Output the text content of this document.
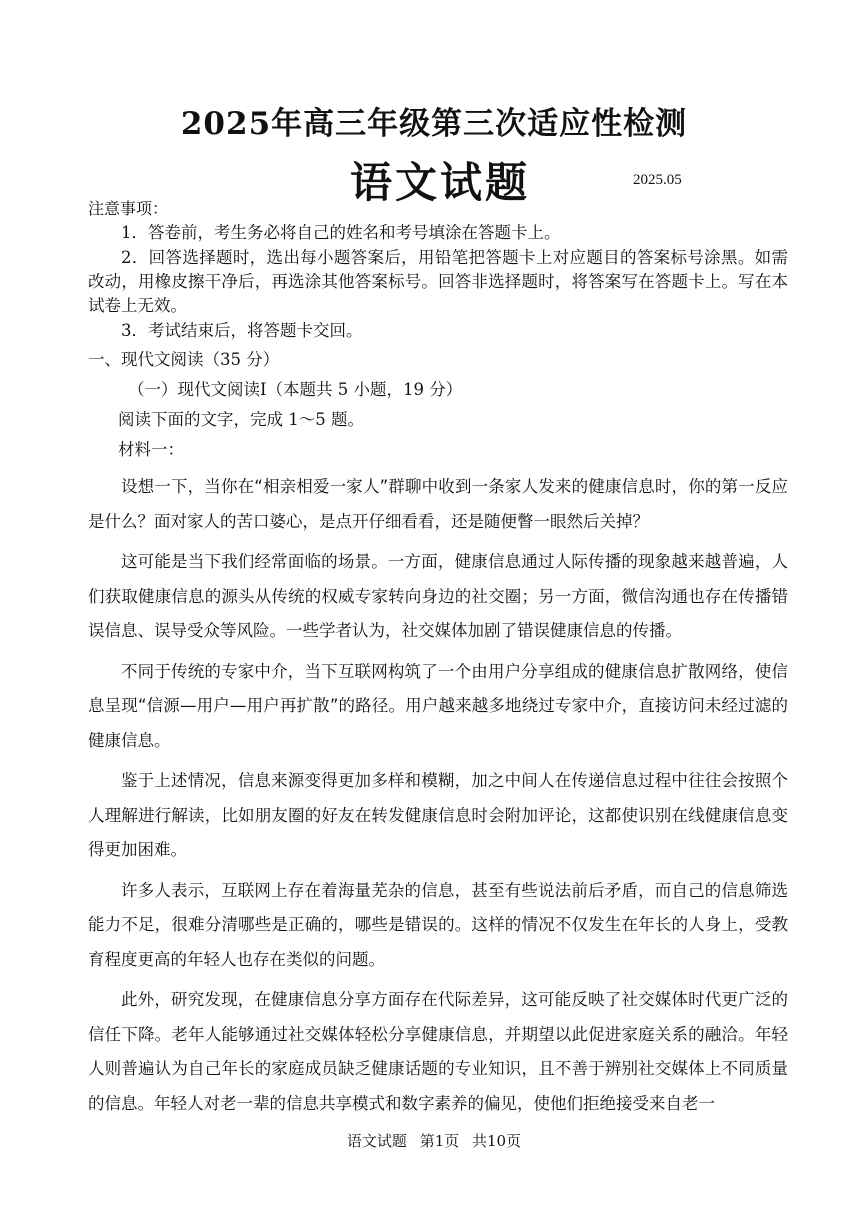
2025年高三年级第三次适应性检测
语文试题	2025.05

注意事项：

1．答卷前，考生务必将自己的姓名和考号填涂在答题卡上。

2．回答选择题时，选出每小题答案后，用铅笔把答题卡上对应题目的答案标号涂黑。如需改动，用橡皮擦干净后，再选涂其他答案标号。回答非选择题时，将答案写在答题卡上。写在本试卷上无效。

3．考试结束后，将答题卡交回。

一、现代文阅读（35 分）

（一）现代文阅读Ⅰ（本题共 5 小题，19 分）

阅读下面的文字，完成 1～5 题。

材料一：

设想一下，当你在“相亲相爱一家人”群聊中收到一条家人发来的健康信息时，你的第一反应是什么？面对家人的苦口婆心，是点开仔细看看，还是随便瞥一眼然后关掉？

这可能是当下我们经常面临的场景。一方面，健康信息通过人际传播的现象越来越普遍，人们获取健康信息的源头从传统的权威专家转向身边的社交圈；另一方面，微信沟通也存在传播错误信息、误导受众等风险。一些学者认为，社交媒体加剧了错误健康信息的传播。

不同于传统的专家中介，当下互联网构筑了一个由用户分享组成的健康信息扩散网络，使信息呈现“信源—用户—用户再扩散”的路径。用户越来越多地绕过专家中介，直接访问未经过滤的健康信息。

鉴于上述情况，信息来源变得更加多样和模糊，加之中间人在传递信息过程中往往会按照个人理解进行解读，比如朋友圈的好友在转发健康信息时会附加评论，这都使识别在线健康信息变得更加困难。

许多人表示，互联网上存在着海量芜杂的信息，甚至有些说法前后矛盾，而自己的信息筛选能力不足，很难分清哪些是正确的，哪些是错误的。这样的情况不仅发生在年长的人身上，受教育程度更高的年轻人也存在类似的问题。

此外，研究发现，在健康信息分享方面存在代际差异，这可能反映了社交媒体时代更广泛的信任下降。老年人能够通过社交媒体轻松分享健康信息，并期望以此促进家庭关系的融洽。年轻人则普遍认为自己年长的家庭成员缺乏健康话题的专业知识，且不善于辨别社交媒体上不同质量的信息。年轻人对老一辈的信息共享模式和数字素养的偏见，使他们拒绝接受来自老一

语文试题 第1页 共10页
